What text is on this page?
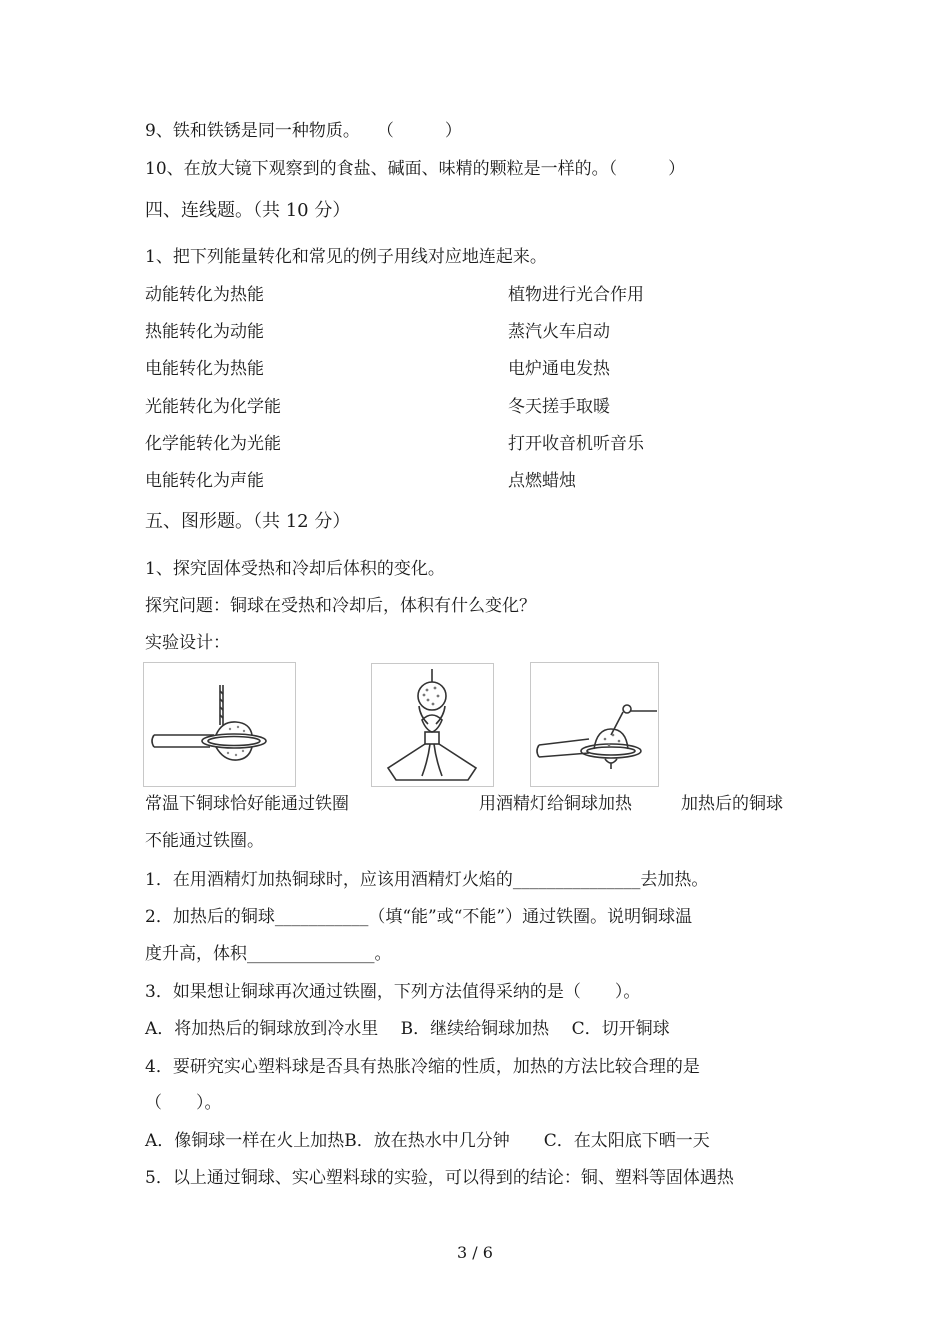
9、铁和铁锈是同一种物质。　　（　　　）
10、在放大镜下观察到的食盐、碱面、味精的颗粒是一样的。（　　　）
四、连线题。（共 10 分）
1、把下列能量转化和常见的例子用线对应地连起来。
动能转化为热能	植物进行光合作用
热能转化为动能	蒸汽火车启动
电能转化为热能	电炉通电发热
光能转化为化学能	冬天搓手取暖
化学能转化为光能	打开收音机听音乐
电能转化为声能	点燃蜡烛
五、图形题。（共 12 分）
1、探究固体受热和冷却后体积的变化。
探究问题：铜球在受热和冷却后，体积有什么变化？
实验设计：
常温下铜球恰好能通过铁圈	用酒精灯给铜球加热	加热后的铜球
不能通过铁圈。
1．在用酒精灯加热铜球时，应该用酒精灯火焰的_______________去加热。
2．加热后的铜球___________（填“能”或“不能”）通过铁圈。说明铜球温
度升高，体积_______________。
3．如果想让铜球再次通过铁圈，下列方法值得采纳的是（　　）。
A．将加热后的铜球放到冷水里　 B．继续给铜球加热　 C．切开铜球
4．要研究实心塑料球是否具有热胀冷缩的性质，加热的方法比较合理的是
（　　）。
A．像铜球一样在火上加热B．放在热水中几分钟　　C．在太阳底下晒一天
5．以上通过铜球、实心塑料球的实验，可以得到的结论：铜、塑料等固体遇热
3 / 6
